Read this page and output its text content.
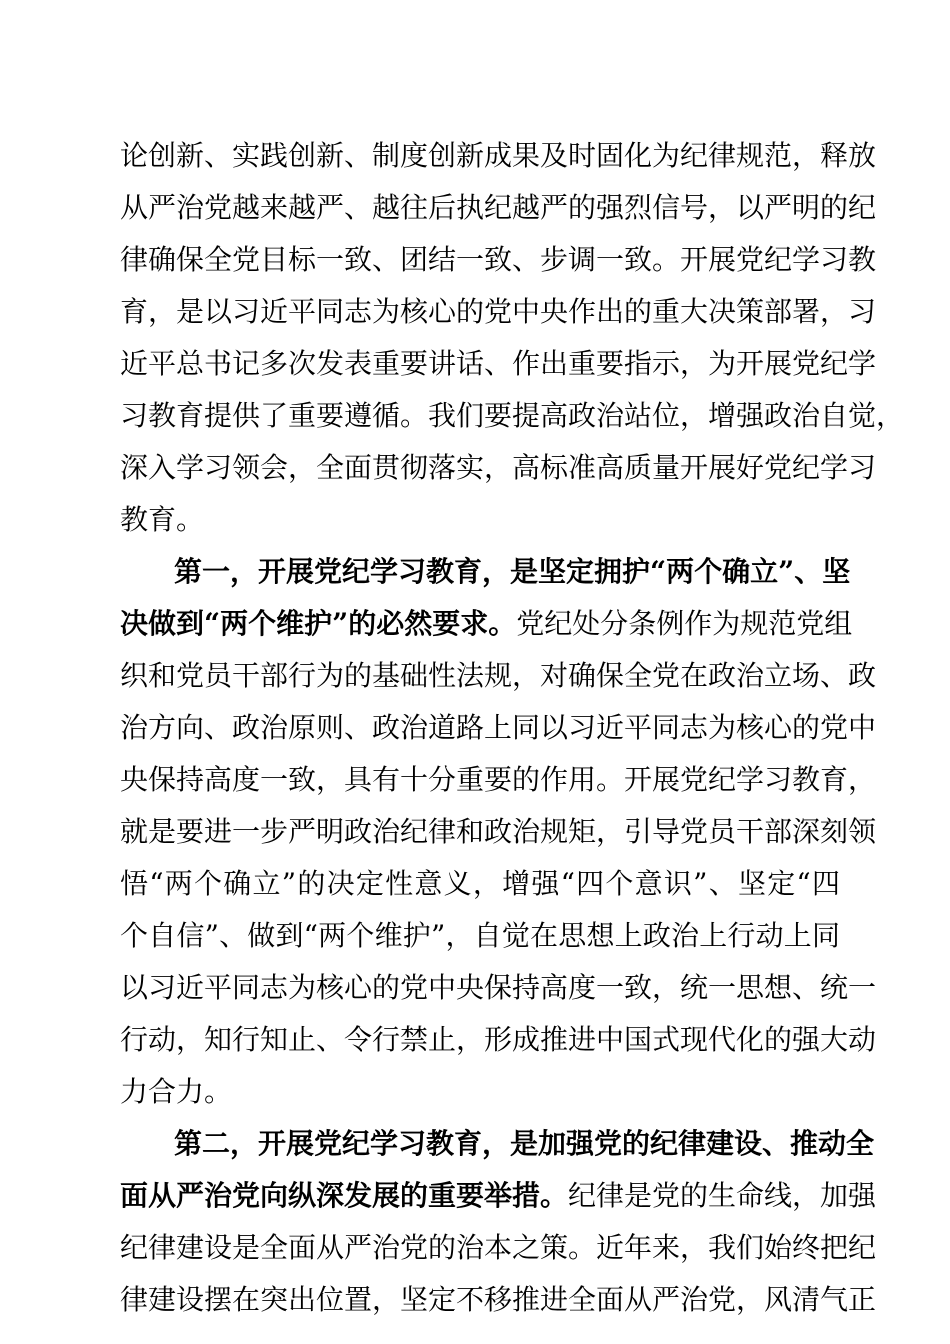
论创新、实践创新、制度创新成果及时固化为纪律规范，释放
从严治党越来越严、越往后执纪越严的强烈信号，以严明的纪
律确保全党目标一致、团结一致、步调一致。开展党纪学习教
育，是以习近平同志为核心的党中央作出的重大决策部署，习
近平总书记多次发表重要讲话、作出重要指示，为开展党纪学
习教育提供了重要遵循。我们要提高政治站位，增强政治自觉，
深入学习领会，全面贯彻落实，高标准高质量开展好党纪学习
教育。
第一，开展党纪学习教育，是坚定拥护“两个确立”、坚
决做到“两个维护”的必然要求。党纪处分条例作为规范党组
织和党员干部行为的基础性法规，对确保全党在政治立场、政
治方向、政治原则、政治道路上同以习近平同志为核心的党中
央保持高度一致，具有十分重要的作用。开展党纪学习教育，
就是要进一步严明政治纪律和政治规矩，引导党员干部深刻领
悟“两个确立”的决定性意义，增强“四个意识”、坚定“四
个自信”、做到“两个维护”，自觉在思想上政治上行动上同
以习近平同志为核心的党中央保持高度一致，统一思想、统一
行动，知行知止、令行禁止，形成推进中国式现代化的强大动
力合力。
第二，开展党纪学习教育，是加强党的纪律建设、推动全
面从严治党向纵深发展的重要举措。纪律是党的生命线，加强
纪律建设是全面从严治党的治本之策。近年来，我们始终把纪
律建设摆在突出位置，坚定不移推进全面从严治党，风清气正
